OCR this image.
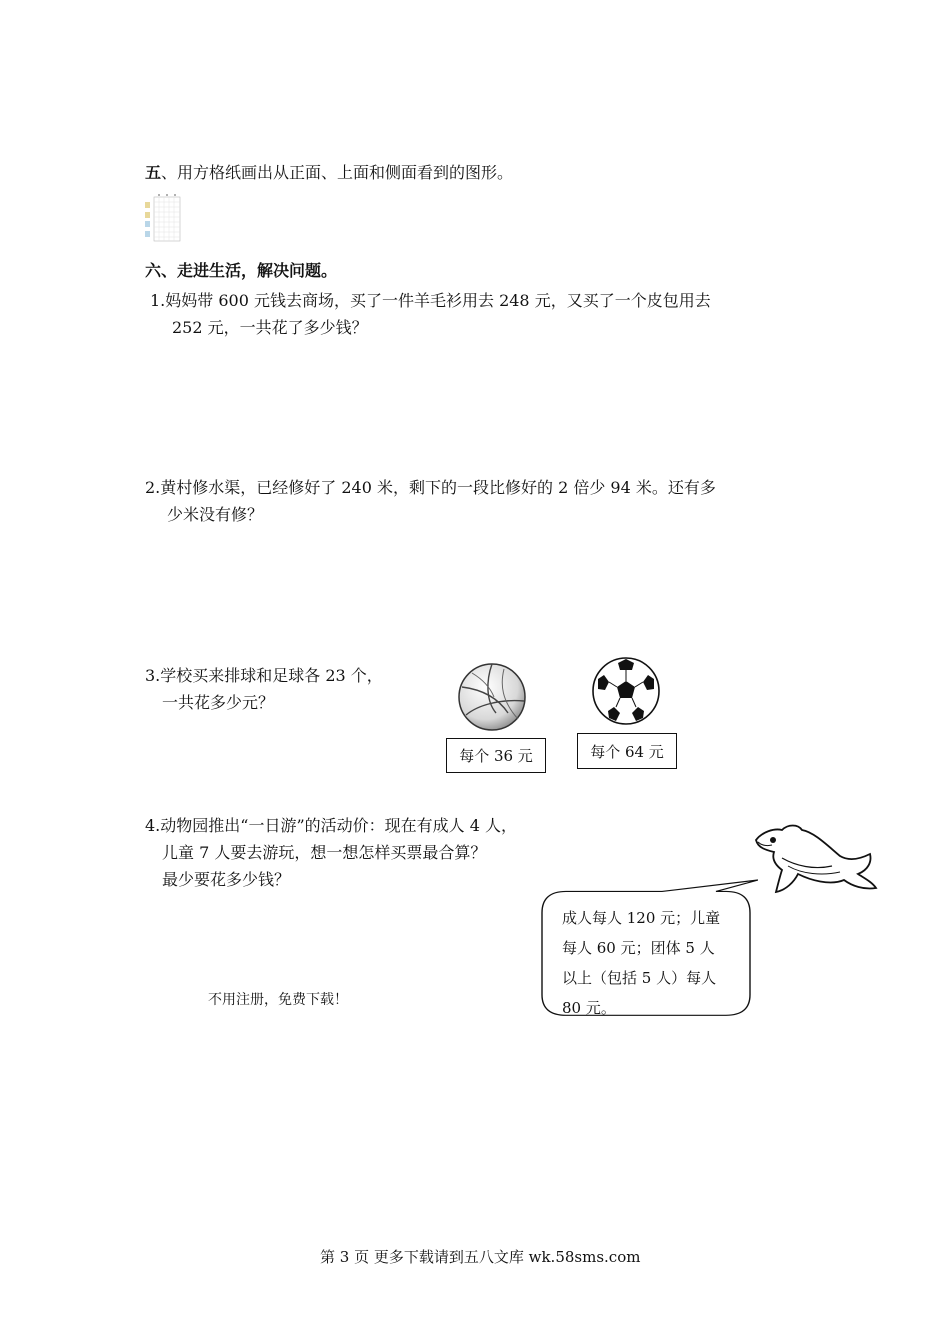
五、用方格纸画出从正面、上面和侧面看到的图形。
六、走进生活，解决问题。
1.妈妈带 600 元钱去商场，买了一件羊毛衫用去 248 元，又买了一个皮包用去
252 元，一共花了多少钱？
2.黄村修水渠，已经修好了 240 米，剩下的一段比修好的 2 倍少 94 米。还有多
少米没有修？
3.学校买来排球和足球各 23 个，
一共花多少元？
每个 36 元	每个 64 元
4.动物园推出“一日游”的活动价：现在有成人 4 人，
儿童 7 人要去游玩，想一想怎样买票最合算？
最少要花多少钱？
成人每人 120 元；儿童
每人 60 元；团体 5 人
以上（包括 5 人）每人
80 元。
不用注册，免费下载！
第 3 页 更多下载请到五八文库 wk.58sms.com
